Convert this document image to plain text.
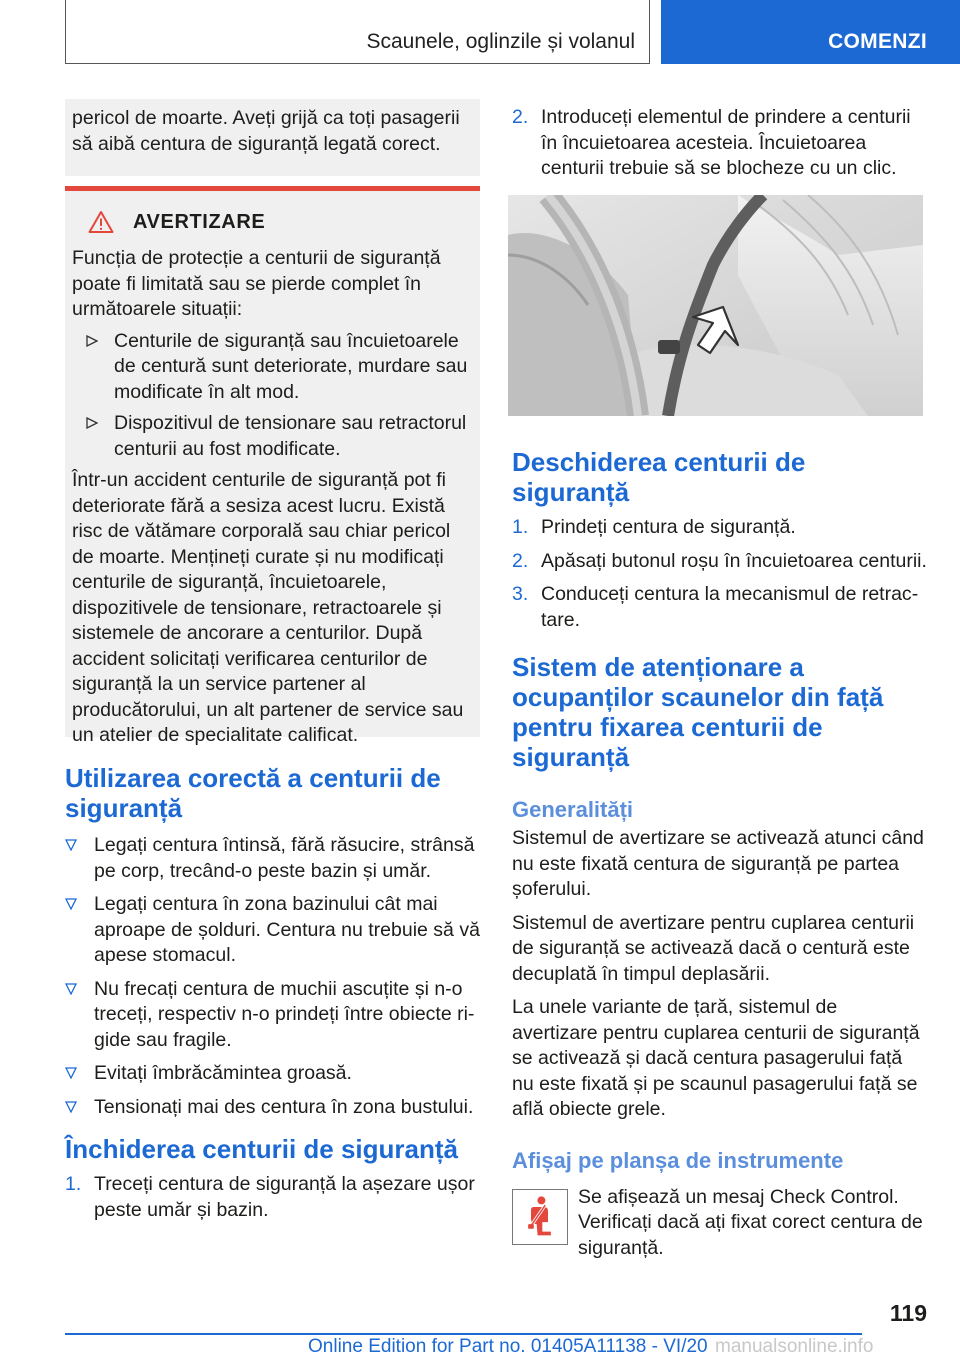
Scaunele, oglinzile și volanul	COMENZI

pericol de moarte. Aveți grijă ca toți pasagerii să aibă centura de siguranță legată corect.

AVERTIZARE

Funcția de protecție a centurii de siguranță poate fi limitată sau se pierde complet în următoarele situații:

Centurile de siguranță sau încuietoarele de centură sunt deteriorate, murdare sau modificate în alt mod.
Dispozitivul de tensionare sau retractorul centurii au fost modificate.

Într-un accident centurile de siguranță pot fi deteriorate fără a sesiza acest lucru. Există risc de vătămare corporală sau chiar pericol de moarte. Mențineți curate și nu modificați centurile de siguranță, încuietoarele, dispozitivele de tensionare, retractoarele și sistemele de ancorare a centurilor. După accident solicitați verificarea centurilor de siguranță la un service partener al producătorului, un alt partener de service sau un atelier de specialitate calificat.

Utilizarea corectă a centurii de siguranță
Legați centura întinsă, fără răsucire, strânsă pe corp, trecând-o peste bazin și umăr.
Legați centura în zona bazinului cât mai aproape de șolduri. Centura nu trebuie să vă apese stomacul.
Nu frecați centura de muchii ascuțite și n-o treceți, respectiv n-o prindeți între obiecte rigide sau fragile.
Evitați îmbrăcămintea groasă.
Tensionați mai des centura în zona bustului.
Închiderea centurii de siguranță
1. Treceți centura de siguranță la așezare ușor peste umăr și bazin.
2. Introduceți elementul de prindere a centurii în încuietoarea acesteia. Încuietoarea centurii trebuie să se blocheze cu un clic.
Deschiderea centurii de siguranță
1. Prindeți centura de siguranță.
2. Apăsați butonul roșu în încuietoarea centurii.
3. Conduceți centura la mecanismul de retractare.
Sistem de atenționare a ocupanților scaunelor din față pentru fixarea centurii de siguranță
Generalități

Sistemul de avertizare se activează atunci când nu este fixată centura de siguranță pe partea șoferului.

Sistemul de avertizare pentru cuplarea centurii de siguranță se activează dacă o centură este decuplată în timpul deplasării.

La unele variante de țară, sistemul de avertizare pentru cuplarea centurii de siguranță se activează și dacă centura pasagerului față nu este fixată și pe scaunul pasagerului față se află obiecte grele.

Afișaj pe planșa de instrumente

Se afișează un mesaj Check Control. Verificați dacă ați fixat corect centura de siguranță.

119
Online Edition for Part no. 01405A11138 - VI/20 manualsonline.info
